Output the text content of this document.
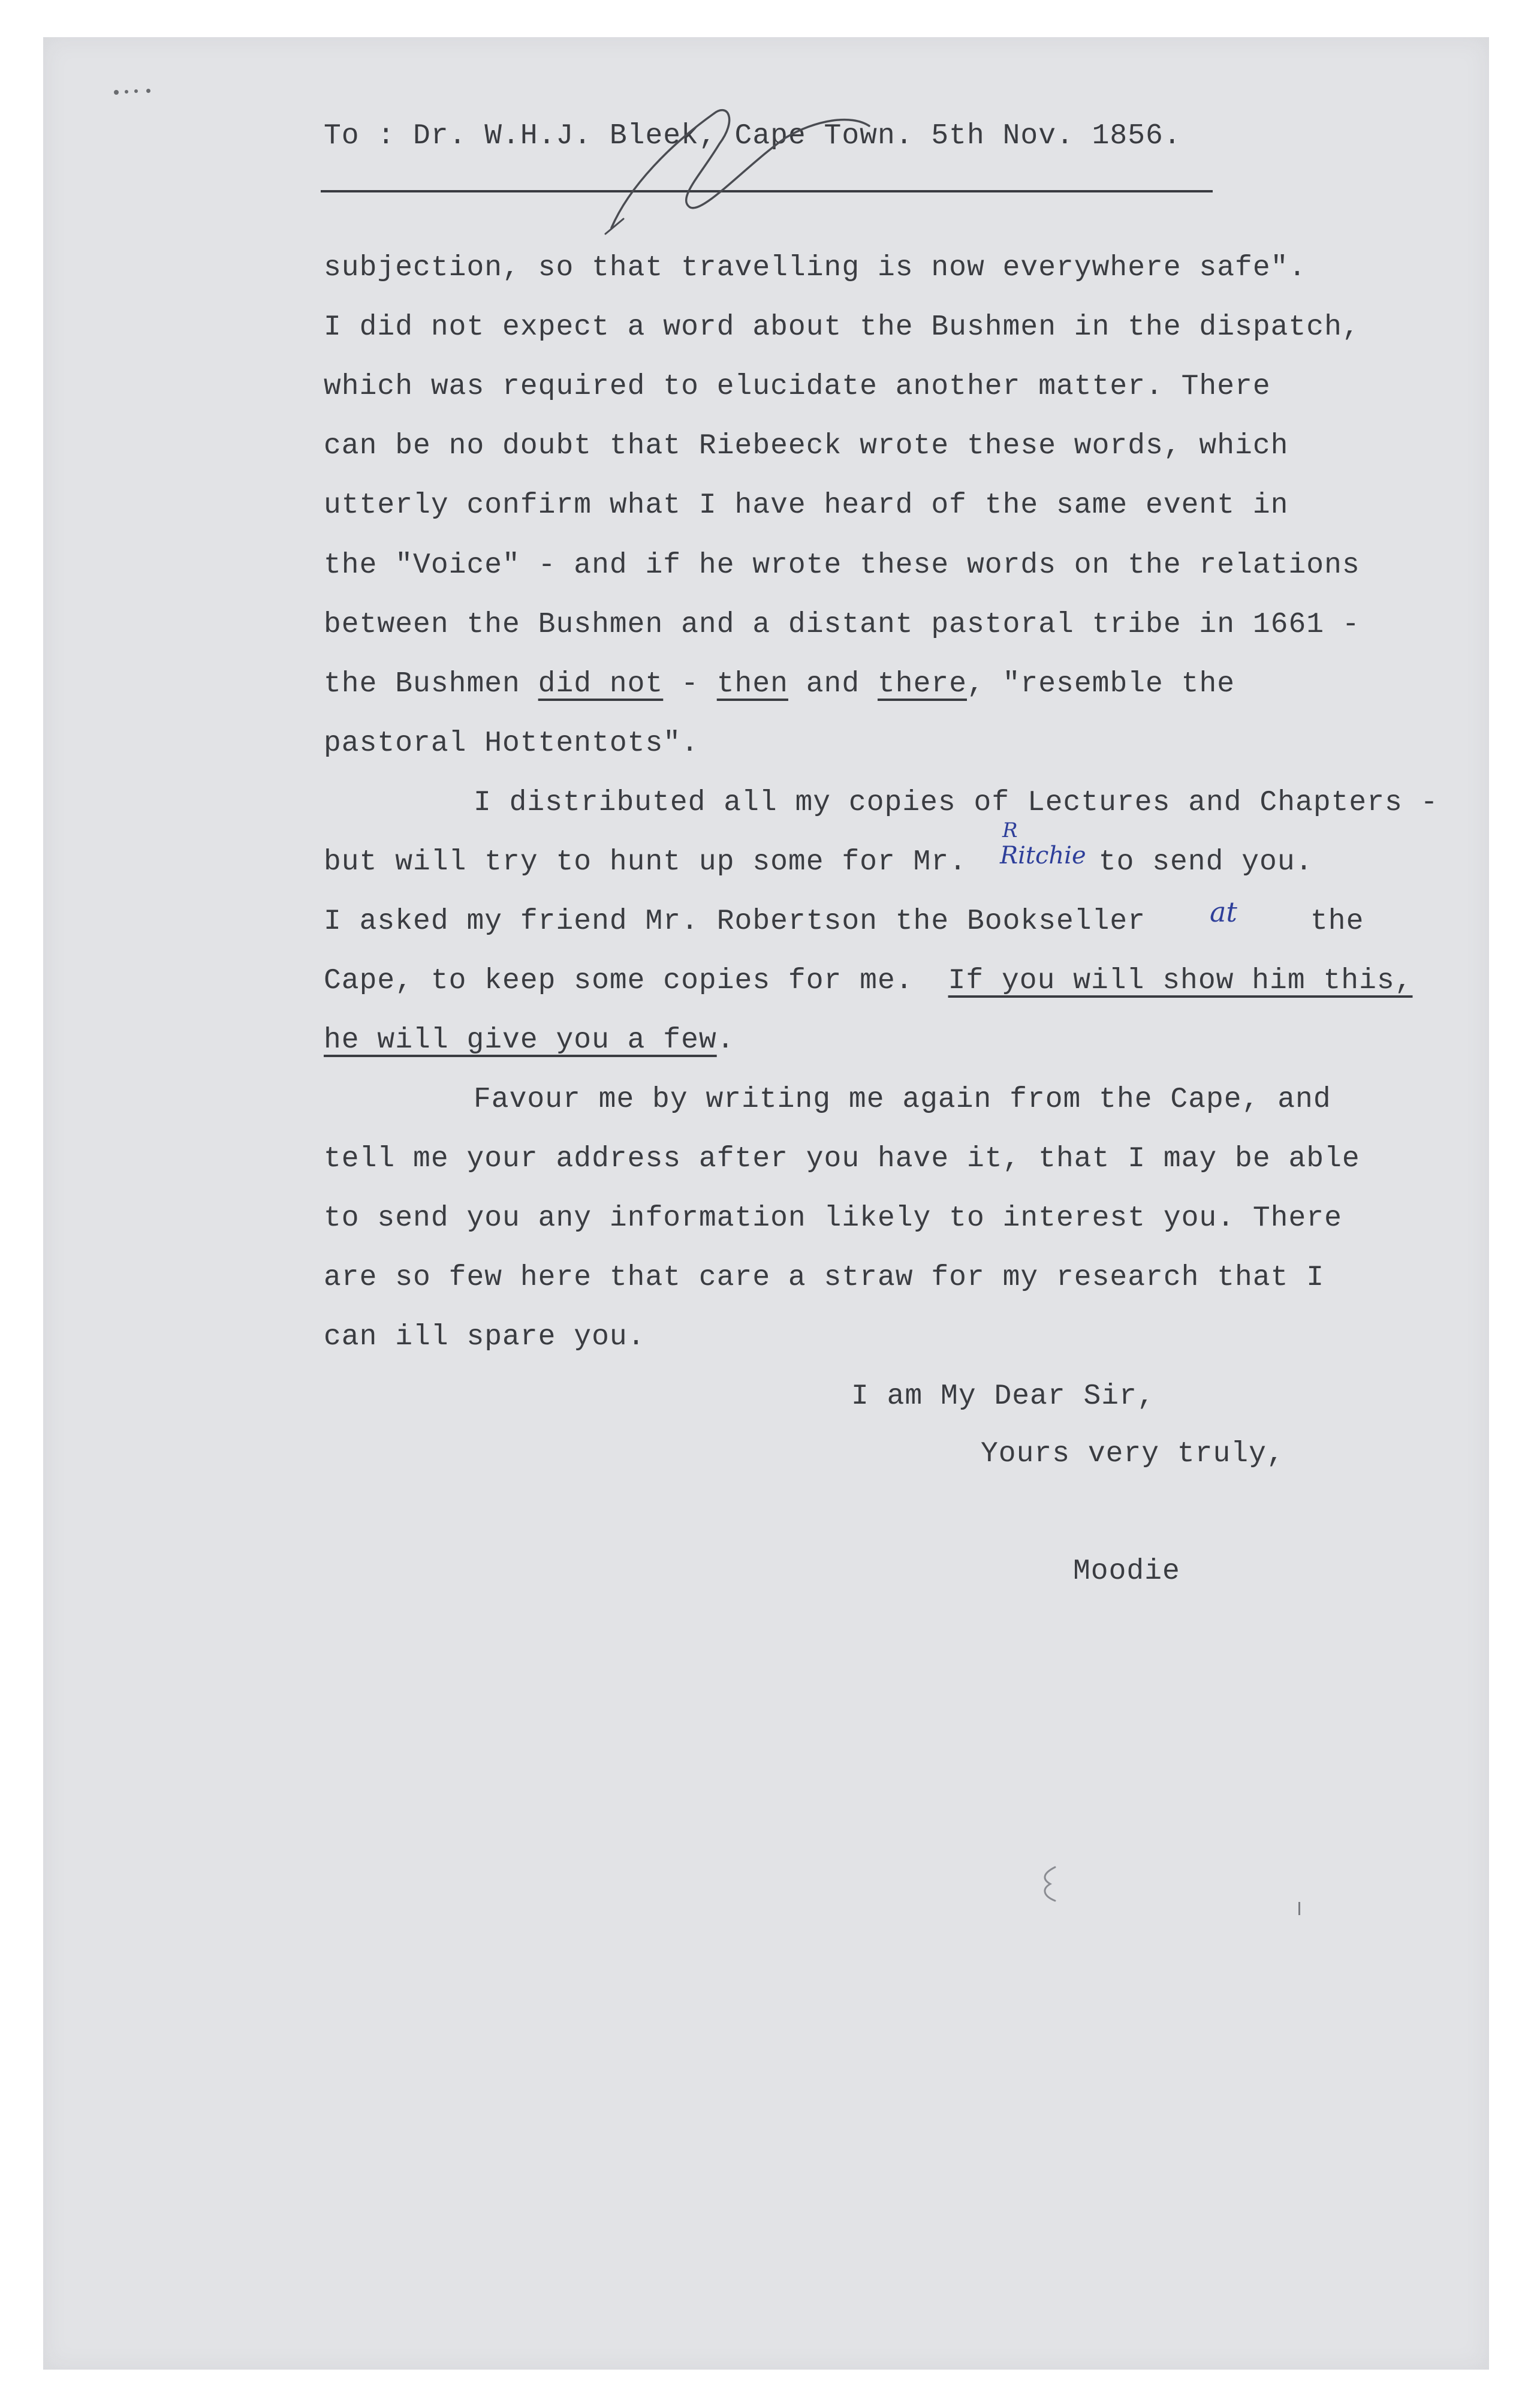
To : Dr. W.H.J. Bleek, Cape Town. 5th Nov. 1856.
subjection, so that travelling is now everywhere safe".
I did not expect a word about the Bushmen in the dispatch,
which was required to elucidate another matter. There
can be no doubt that Riebeeck wrote these words, which
utterly confirm what I have heard of the same event in
the "Voice" - and if he wrote these words on the relations
between the Bushmen and a distant pastoral tribe in 1661 -
the Bushmen did not - then and there, "resemble the
pastoral Hottentots".
I distributed all my copies of Lectures and Chapters -
but will try to hunt up some for Mr.	to send you.
R
Ritchie
I asked my friend Mr. Robertson the Bookseller at	the
Cape, to keep some copies for me. If you will show him this,
he will give you a few.
Favour me by writing me again from the Cape, and
tell me your address after you have it, that I may be able
to send you any information likely to interest you. There
are so few here that care a straw for my research that I
can ill spare you.
I am My Dear Sir,
Yours very truly,
Moodie
